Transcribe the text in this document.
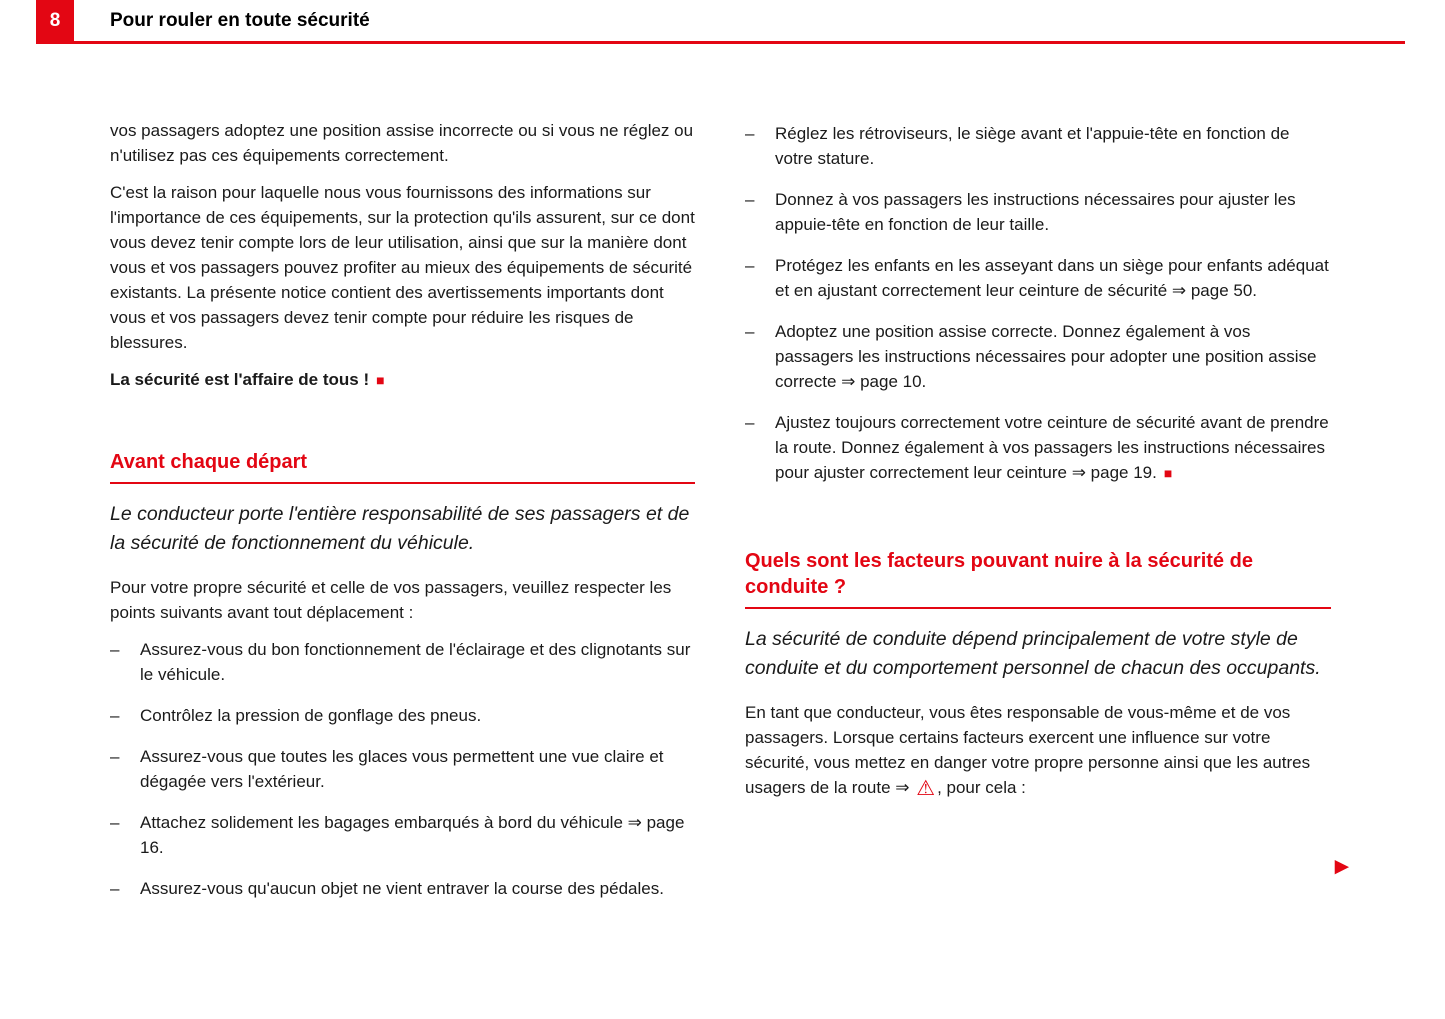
8	Pour rouler en toute sécurité

vos passagers adoptez une position assise incorrecte ou si vous ne réglez ou n'utilisez pas ces équipements correctement.

C'est la raison pour laquelle nous vous fournissons des informations sur l'importance de ces équipements, sur la protection qu'ils assurent, sur ce dont vous devez tenir compte lors de leur utilisation, ainsi que sur la manière dont vous et vos passagers pouvez profiter au mieux des équipements de sécurité existants. La présente notice contient des avertissements importants dont vous et vos passagers devez tenir compte pour réduire les risques de blessures.

La sécurité est l'affaire de tous ! ■

Avant chaque départ

Le conducteur porte l'entière responsabilité de ses passagers et de la sécurité de fonctionnement du véhicule.

Pour votre propre sécurité et celle de vos passagers, veuillez respecter les points suivants avant tout déplacement :

–	Assurez-vous du bon fonctionnement de l'éclairage et des clignotants sur le véhicule.
–	Contrôlez la pression de gonflage des pneus.
–	Assurez-vous que toutes les glaces vous permettent une vue claire et dégagée vers l'extérieur.
–	Attachez solidement les bagages embarqués à bord du véhicule ⇒ page 16.
–	Assurez-vous qu'aucun objet ne vient entraver la course des pédales.
–	Réglez les rétroviseurs, le siège avant et l'appuie-tête en fonction de votre stature.
–	Donnez à vos passagers les instructions nécessaires pour ajuster les appuie-tête en fonction de leur taille.
–	Protégez les enfants en les asseyant dans un siège pour enfants adéquat et en ajustant correctement leur ceinture de sécurité ⇒ page 50.
–	Adoptez une position assise correcte. Donnez également à vos passagers les instructions nécessaires pour adopter une position assise correcte ⇒ page 10.
–	Ajustez toujours correctement votre ceinture de sécurité avant de prendre la route. Donnez également à vos passagers les instructions nécessaires pour ajuster correctement leur ceinture ⇒ page 19. ■
Quels sont les facteurs pouvant nuire à la sécurité de conduite ?

La sécurité de conduite dépend principalement de votre style de conduite et du comportement personnel de chacun des occupants.

En tant que conducteur, vous êtes responsable de vous-même et de vos passagers. Lorsque certains facteurs exercent une influence sur votre sécurité, vous mettez en danger votre propre personne ainsi que les autres usagers de la route ⇒ ⚠ , pour cela :

►
